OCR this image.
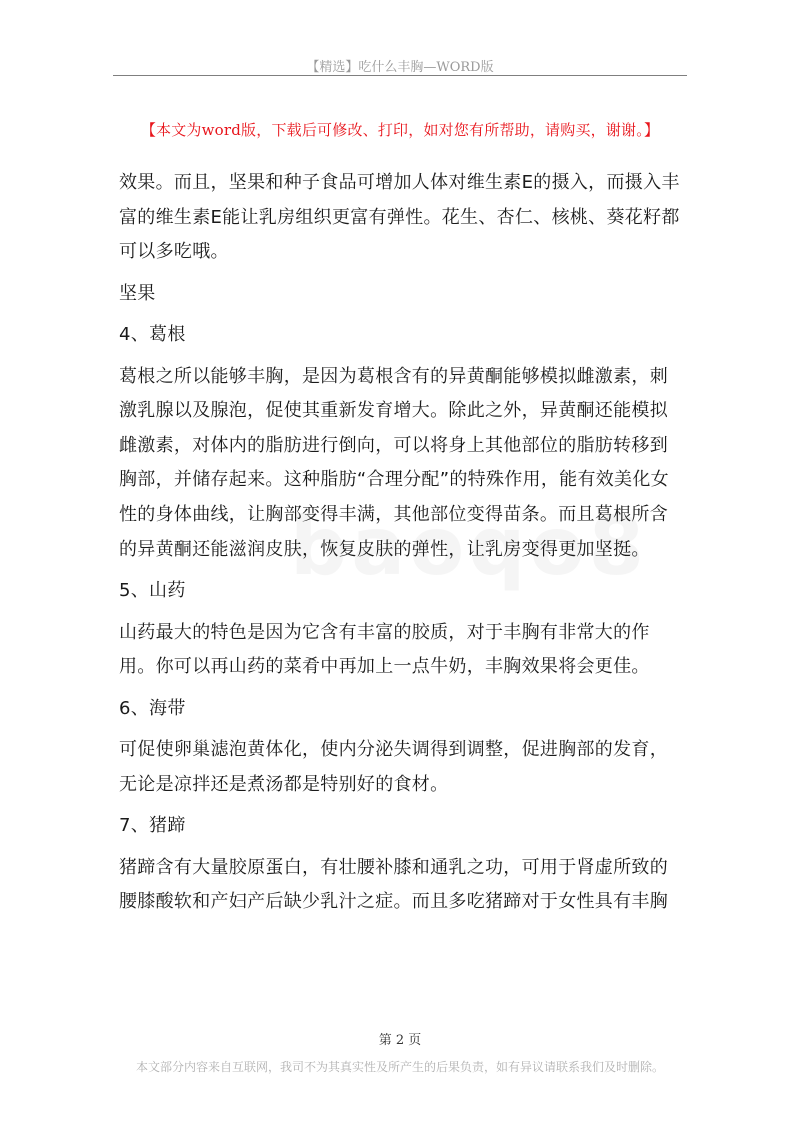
【精选】吃什么丰胸—WORD版
【本文为word版，下载后可修改、打印，如对您有所帮助，请购买，谢谢。】

效果。而且，坚果和种子食品可增加人体对维生素E的摄入，而摄入丰富的维生素E能让乳房组织更富有弹性。花生、杏仁、核桃、葵花籽都可以多吃哦。

坚果

4、葛根

葛根之所以能够丰胸，是因为葛根含有的异黄酮能够模拟雌激素，刺激乳腺以及腺泡，促使其重新发育增大。除此之外，异黄酮还能模拟雌激素，对体内的脂肪进行倒向，可以将身上其他部位的脂肪转移到胸部，并储存起来。这种脂肪“合理分配”的特殊作用，能有效美化女性的身体曲线，让胸部变得丰满，其他部位变得苗条。而且葛根所含的异黄酮还能滋润皮肤，恢复皮肤的弹性，让乳房变得更加坚挺。

5、山药

山药最大的特色是因为它含有丰富的胶质，对于丰胸有非常大的作用。你可以再山药的菜肴中再加上一点牛奶，丰胸效果将会更佳。

6、海带

可促使卵巢滤泡黄体化，使内分泌失调得到调整，促进胸部的发育，无论是凉拌还是煮汤都是特别好的食材。

7、猪蹄

猪蹄含有大量胶原蛋白，有壮腰补膝和通乳之功，可用于肾虚所致的腰膝酸软和产妇产后缺少乳汁之症。而且多吃猪蹄对于女性具有丰胸

第 2 页
本文部分内容来自互联网，我司不为其真实性及所产生的后果负责，如有异议请联系我们及时删除。
